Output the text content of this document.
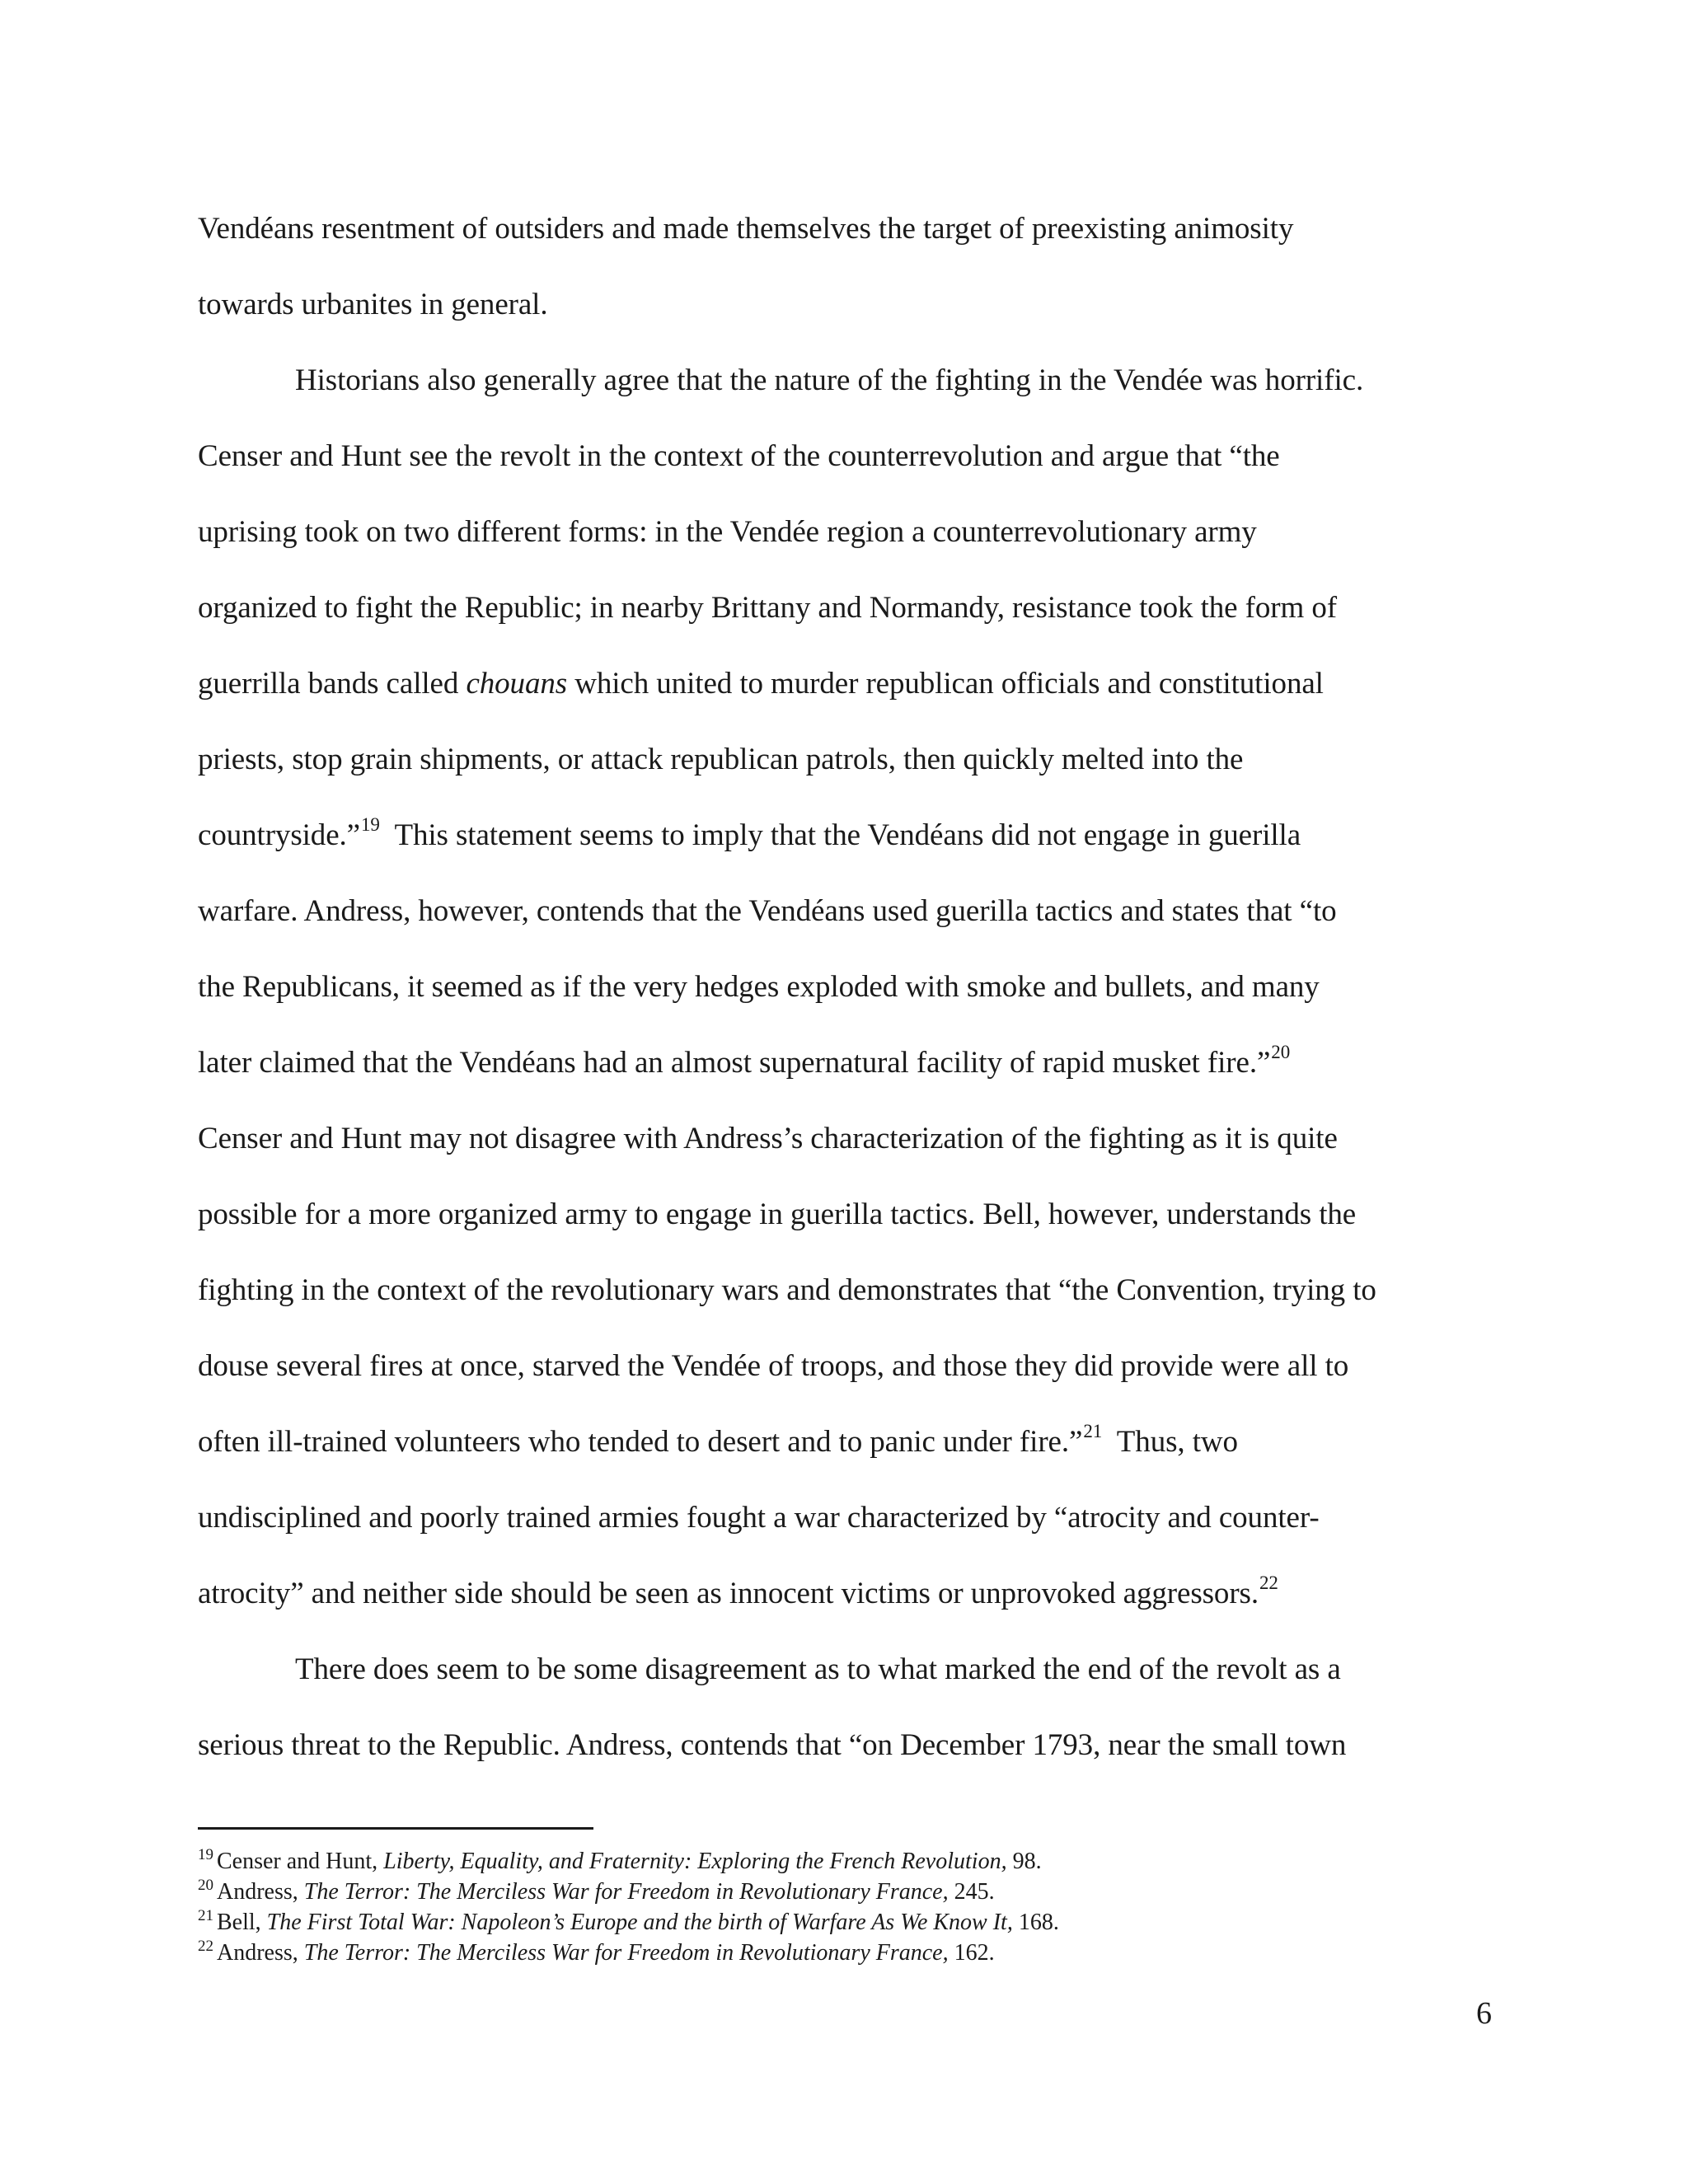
Vendéans resentment of outsiders and made themselves the target of preexisting animosity
towards urbanites in general.
Historians also generally agree that the nature of the fighting in the Vendée was horrific.
Censer and Hunt see the revolt in the context of the counterrevolution and argue that “the
uprising took on two different forms: in the Vendée region a counterrevolutionary army
organized to fight the Republic; in nearby Brittany and Normandy, resistance took the form of
guerrilla bands called chouans which united to murder republican officials and constitutional
priests, stop grain shipments, or attack republican patrols, then quickly melted into the
countryside.”$^{19}$  This statement seems to imply that the Vendéans did not engage in guerilla
warfare. Andress, however, contends that the Vendéans used guerilla tactics and states that “to
the Republicans, it seemed as if the very hedges exploded with smoke and bullets, and many
later claimed that the Vendéans had an almost supernatural facility of rapid musket fire.”$^{20}$
Censer and Hunt may not disagree with Andress’s characterization of the fighting as it is quite
possible for a more organized army to engage in guerilla tactics. Bell, however, understands the
fighting in the context of the revolutionary wars and demonstrates that “the Convention, trying to
douse several fires at once, starved the Vendée of troops, and those they did provide were all to
often ill-trained volunteers who tended to desert and to panic under fire.”$^{21}$  Thus, two
undisciplined and poorly trained armies fought a war characterized by “atrocity and counter-
atrocity” and neither side should be seen as innocent victims or unprovoked aggressors.$^{22}$
There does seem to be some disagreement as to what marked the end of the revolt as a
serious threat to the Republic. Andress, contends that “on December 1793, near the small town
$^{19}$ Censer and Hunt, Liberty, Equality, and Fraternity: Exploring the French Revolution, 98.
$^{20}$ Andress, The Terror: The Merciless War for Freedom in Revolutionary France, 245.
$^{21}$ Bell, The First Total War: Napoleon’s Europe and the birth of Warfare As We Know It, 168.
$^{22}$ Andress, The Terror: The Merciless War for Freedom in Revolutionary France, 162.
6
